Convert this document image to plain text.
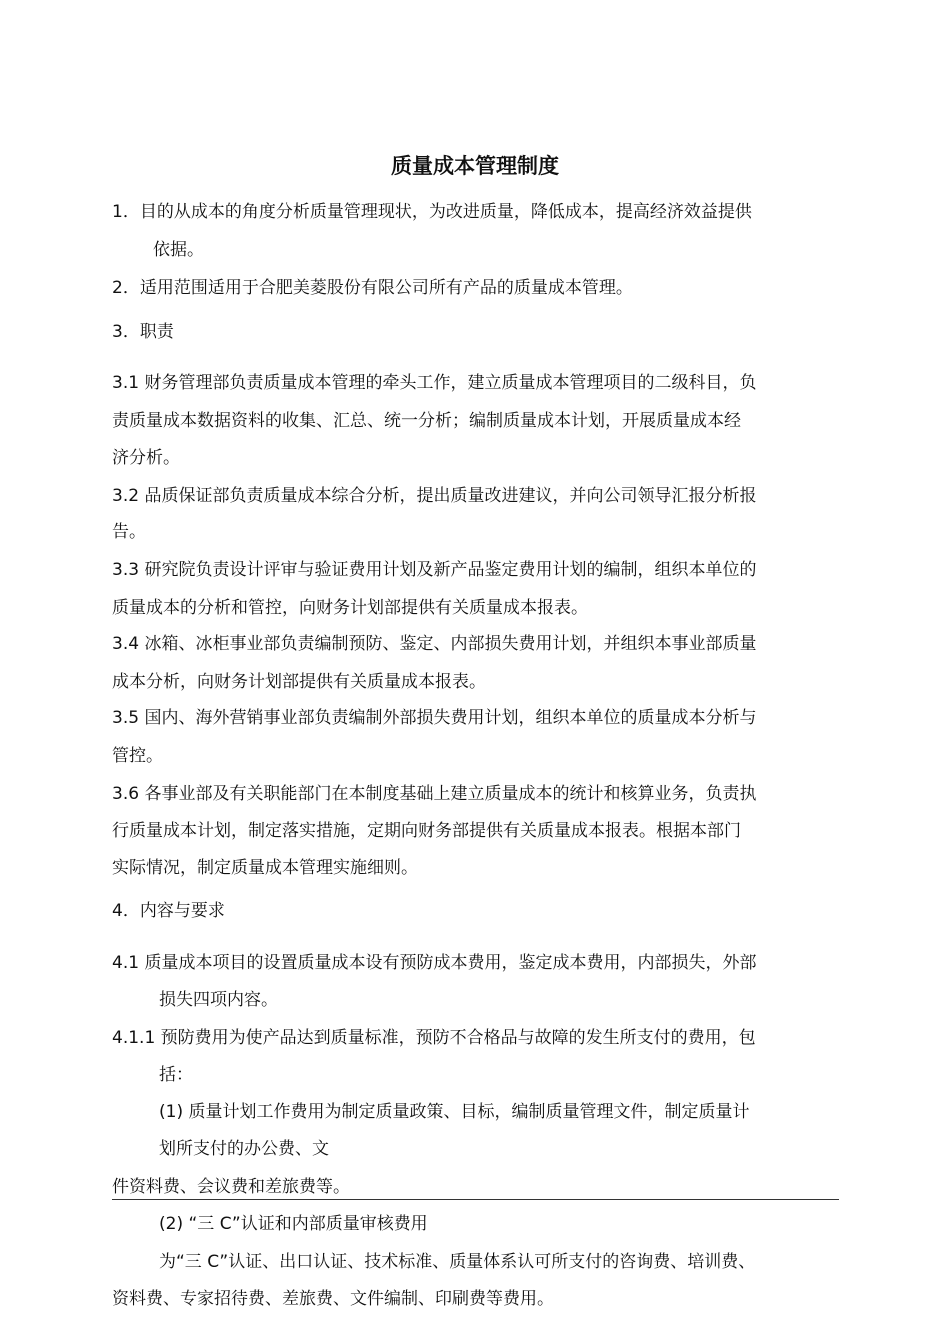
质量成本管理制度

1．目的从成本的角度分析质量管理现状，为改进质量，降低成本，提高经济效益提供

依据。

2．适用范围适用于合肥美菱股份有限公司所有产品的质量成本管理。

3．职责

3.1 财务管理部负责质量成本管理的牵头工作，建立质量成本管理项目的二级科目，负

责质量成本数据资料的收集、汇总、统一分析；编制质量成本计划，开展质量成本经

济分析。

3.2 品质保证部负责质量成本综合分析，提出质量改进建议，并向公司领导汇报分析报

告。

3.3 研究院负责设计评审与验证费用计划及新产品鉴定费用计划的编制，组织本单位的

质量成本的分析和管控，向财务计划部提供有关质量成本报表。

3.4 冰箱、冰柜事业部负责编制预防、鉴定、内部损失费用计划，并组织本事业部质量

成本分析，向财务计划部提供有关质量成本报表。

3.5 国内、海外营销事业部负责编制外部损失费用计划，组织本单位的质量成本分析与

管控。

3.6 各事业部及有关职能部门在本制度基础上建立质量成本的统计和核算业务，负责执

行质量成本计划，制定落实措施，定期向财务部提供有关质量成本报表。根据本部门

实际情况，制定质量成本管理实施细则。

4．内容与要求

4.1 质量成本项目的设置质量成本设有预防成本费用，鉴定成本费用，内部损失，外部

损失四项内容。

4.1.1 预防费用为使产品达到质量标准，预防不合格品与故障的发生所支付的费用，包

括：

(1) 质量计划工作费用为制定质量政策、目标，编制质量管理文件，制定质量计

划所支付的办公费、文

件资料费、会议费和差旅费等。

(2) “三 C”认证和内部质量审核费用

为“三 C”认证、出口认证、技术标准、质量体系认可所支付的咨询费、培训费、

资料费、专家招待费、差旅费、文件编制、印刷费等费用。
